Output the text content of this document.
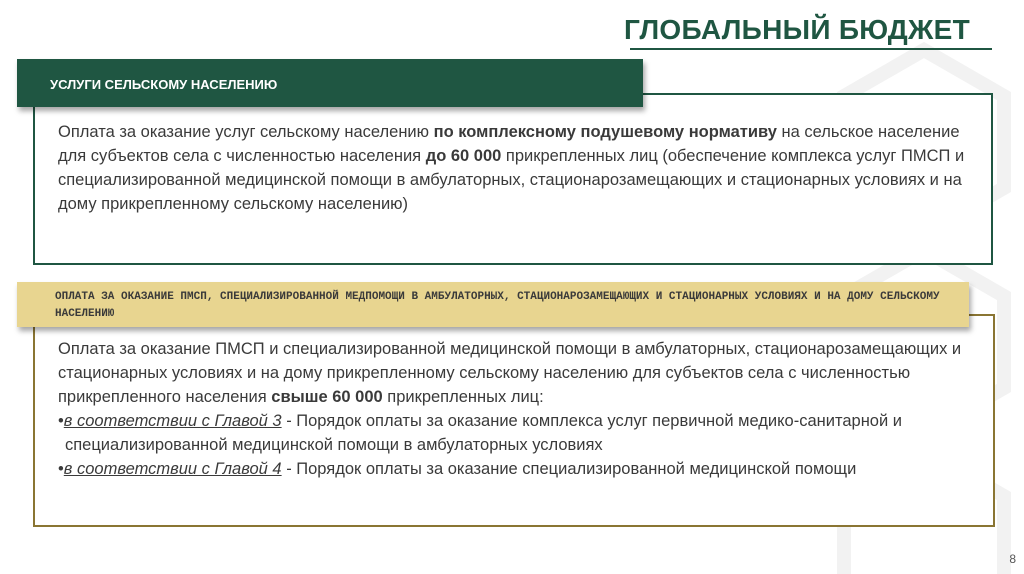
ГЛОБАЛЬНЫЙ БЮДЖЕТ
УСЛУГИ СЕЛЬСКОМУ НАСЕЛЕНИЮ
Оплата за оказание услуг сельскому населению по комплексному подушевому нормативу на сельское население для субъектов села с численностью населения до 60 000 прикрепленных лиц (обеспечение комплекса услуг ПМСП и специализированной медицинской помощи в амбулаторных, стационарозамещающих и стационарных условиях и на дому прикрепленному сельскому населению)
ОПЛАТА ЗА ОКАЗАНИЕ ПМСП, СПЕЦИАЛИЗИРОВАННОЙ МЕДПОМОЩИ В АМБУЛАТОРНЫХ, СТАЦИОНАРОЗАМЕЩАЮЩИХ И СТАЦИОНАРНЫХ УСЛОВИЯХ И НА ДОМУ СЕЛЬСКОМУ НАСЕЛЕНИЮ
Оплата за оказание ПМСП и специализированной медицинской помощи в амбулаторных, стационарозамещающих и стационарных условиях и на дому прикрепленному сельскому населению для субъектов села с численностью прикрепленного населения свыше 60 000 прикрепленных лиц:
•в соответствии с Главой 3 - Порядок оплаты за оказание комплекса услуг первичной медико-санитарной и специализированной медицинской помощи в амбулаторных условиях
•в соответствии с Главой 4 - Порядок оплаты за оказание специализированной медицинской помощи
8
